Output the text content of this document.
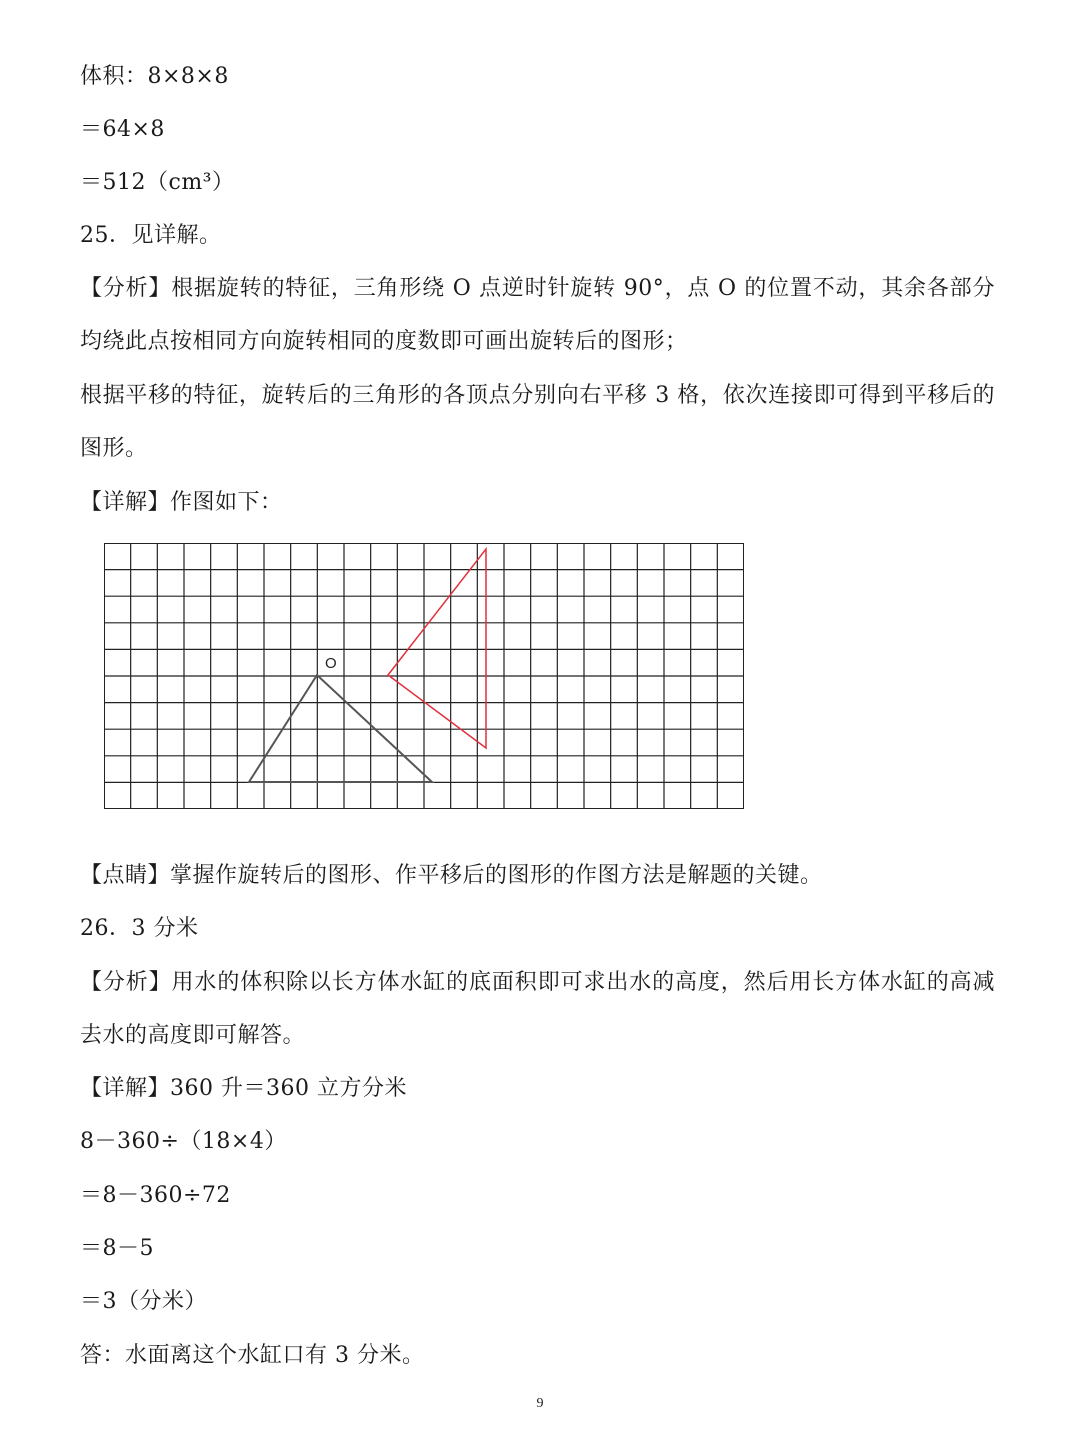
体积：8×8×8
＝64×8
＝512（cm³）
25．见详解。
【分析】根据旋转的特征，三角形绕 O 点逆时针旋转 90°，点 O 的位置不动，其余各部分均绕此点按相同方向旋转相同的度数即可画出旋转后的图形；
根据平移的特征，旋转后的三角形的各顶点分别向右平移 3 格，依次连接即可得到平移后的图形。
【详解】作图如下：
O
【点睛】掌握作旋转后的图形、作平移后的图形的作图方法是解题的关键。
26．3 分米
【分析】用水的体积除以长方体水缸的底面积即可求出水的高度，然后用长方体水缸的高减去水的高度即可解答。
【详解】360 升＝360 立方分米
8－360÷（18×4）
＝8－360÷72
＝8－5
＝3（分米）
答：水面离这个水缸口有 3 分米。
9
